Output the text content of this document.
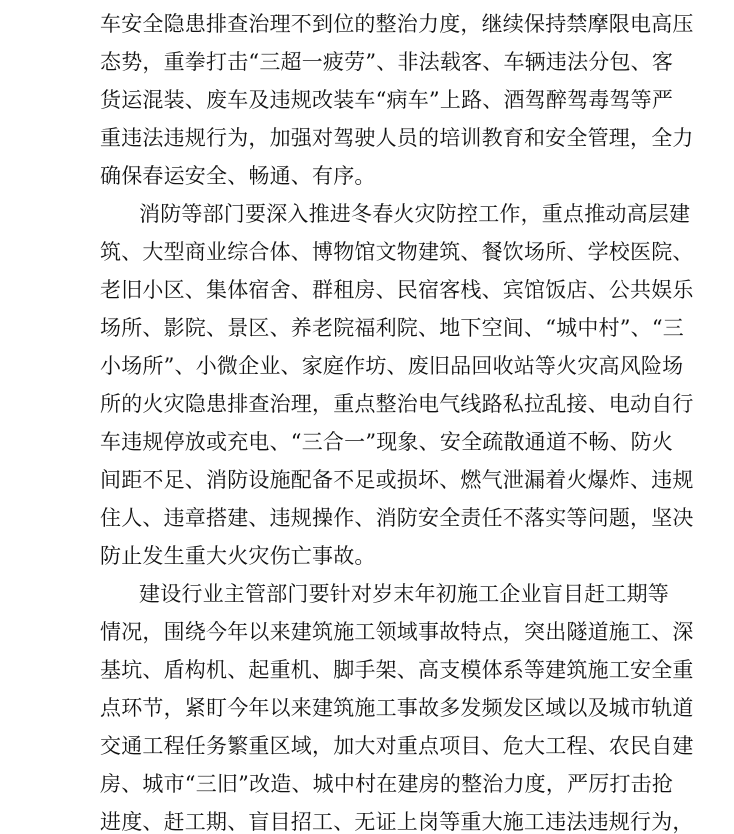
车安全隐患排查治理不到位的整治力度，继续保持禁摩限电高压
态势，重拳打击“三超一疲劳”、非法载客、车辆违法分包、客
货运混装、废车及违规改装车“病车”上路、酒驾醉驾毒驾等严
重违法违规行为，加强对驾驶人员的培训教育和安全管理，全力
确保春运安全、畅通、有序。
消防等部门要深入推进冬春火灾防控工作，重点推动高层建
筑、大型商业综合体、博物馆文物建筑、餐饮场所、学校医院、
老旧小区、集体宿舍、群租房、民宿客栈、宾馆饭店、公共娱乐
场所、影院、景区、养老院福利院、地下空间、“城中村”、“三
小场所”、小微企业、家庭作坊、废旧品回收站等火灾高风险场
所的火灾隐患排查治理，重点整治电气线路私拉乱接、电动自行
车违规停放或充电、“三合一”现象、安全疏散通道不畅、防火
间距不足、消防设施配备不足或损坏、燃气泄漏着火爆炸、违规
住人、违章搭建、违规操作、消防安全责任不落实等问题，坚决
防止发生重大火灾伤亡事故。
建设行业主管部门要针对岁末年初施工企业盲目赶工期等
情况，围绕今年以来建筑施工领域事故特点，突出隧道施工、深
基坑、盾构机、起重机、脚手架、高支模体系等建筑施工安全重
点环节，紧盯今年以来建筑施工事故多发频发区域以及城市轨道
交通工程任务繁重区域，加大对重点项目、危大工程、农民自建
房、城市“三旧”改造、城中村在建房的整治力度，严厉打击抢
进度、赶工期、盲目招工、无证上岗等重大施工违法违规行为，
